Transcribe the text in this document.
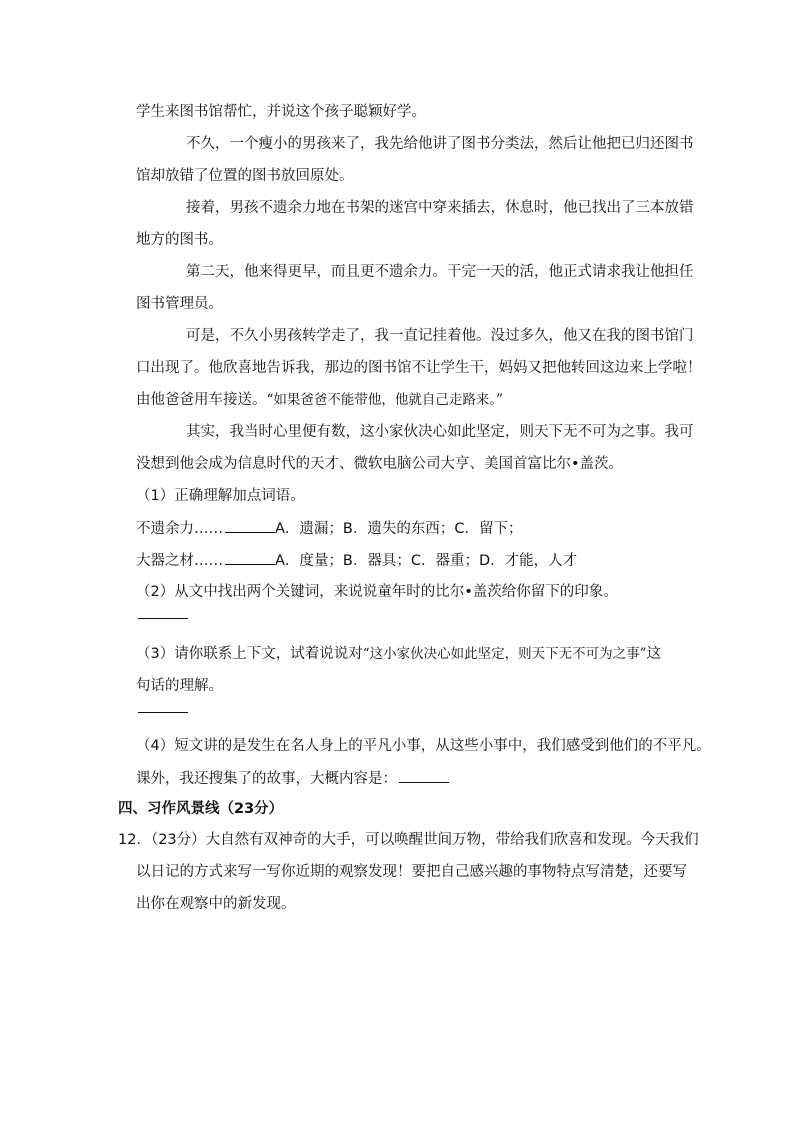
学生来图书馆帮忙，并说这个孩子聪颖好学。
不久，一个瘦小的男孩来了，我先给他讲了图书分类法，然后让他把已归还图书
馆却放错了位置的图书放回原处。
接着，男孩不遗余力地在书架的迷宫中穿来插去，休息时，他已找出了三本放错
地方的图书。
第二天，他来得更早，而且更不遗余力。干完一天的活，他正式请求我让他担任
图书管理员。
可是，不久小男孩转学走了，我一直记挂着他。没过多久，他又在我的图书馆门
口出现了。他欣喜地告诉我，那边的图书馆不让学生干，妈妈又把他转回这边来上学啦！
由他爸爸用车接送。“如果爸爸不能带他，他就自己走路来。”
其实，我当时心里便有数，这小家伙决心如此坚定，则天下无不可为之事。我可
没想到他会成为信息时代的天才、微软电脑公司大亨、美国首富比尔•盖茨。
（1）正确理解加点词语。
不遗余力……	A．遗漏；B．遗失的东西；C．留下；
大器之材……	A．度量；B．器具；C．器重；D．才能，人才
（2）从文中找出两个关键词，来说说童年时的比尔•盖茨给你留下的印象。
（3）请你联系上下文，试着说说对“这小家伙决心如此坚定，则天下无不可为之事”这
句话的理解。
（4）短文讲的是发生在名人身上的平凡小事，从这些小事中，我们感受到他们的不平凡。
课外，我还搜集了的故事，大概内容是：
四、习作风景线（23分）
12．（23分）大自然有双神奇的大手，可以唤醒世间万物，带给我们欣喜和发现。今天我们
以日记的方式来写一写你近期的观察发现！要把自己感兴趣的事物特点写清楚，还要写
出你在观察中的新发现。
